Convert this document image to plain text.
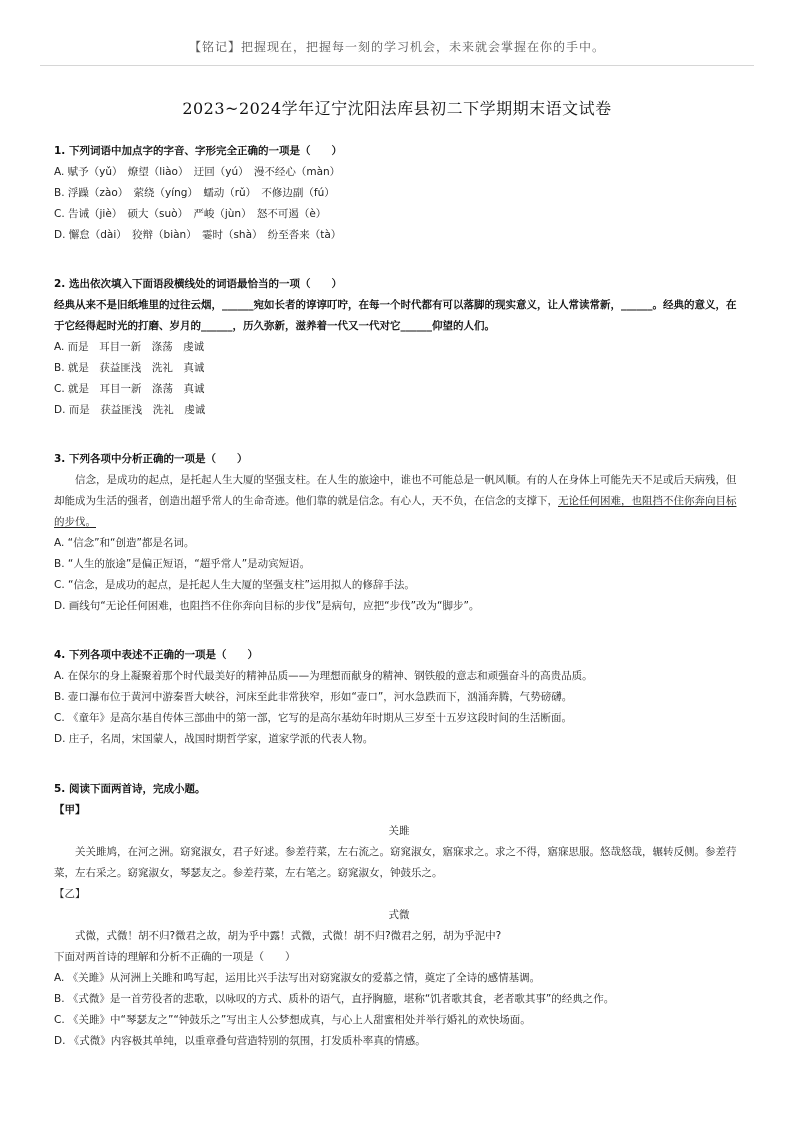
【铭记】把握现在，把握每一刻的学习机会，未来就会掌握在你的手中。
2023~2024学年辽宁沈阳法库县初二下学期期末语文试卷
1. 下列词语中加点字的字音、字形完全正确的一项是（　　）
A. 赋予（yǔ）　燎望（liào）　迂回（yú）　漫不经心（màn）
B. 浮躁（zào）　萦绕（yíng）　蠕动（rǔ）　不修边副（fú）
C. 告诫（jiè）　硕大（suò）　严峻（jùn）　怒不可遏（è）
D. 懈怠（dài）　狡辩（biàn）　霎时（shà）　纷至沓来（tà）
2. 选出依次填入下面语段横线处的词语最恰当的一项（　　）
经典从来不是旧纸堆里的过往云烟，______宛如长者的谆谆叮咛，在每一个时代都有可以落脚的现实意义，让人常读常新，______。经典的意义，在于它经得起时光的打磨、岁月的______，历久弥新，滋养着一代又一代对它______仰望的人们。
A. 而是　耳目一新　涤荡　虔诚
B. 就是　获益匪浅　洗礼　真诚
C. 就是　耳目一新　涤荡　真诚
D. 而是　获益匪浅　洗礼　虔诚
3. 下列各项中分析正确的一项是（　　）
信念，是成功的起点，是托起人生大厦的坚强支柱。在人生的旅途中，谁也不可能总是一帆风顺。有的人在身体上可能先天不足或后天病残，但却能成为生活的强者，创造出超乎常人的生命奇迹。他们靠的就是信念。有心人，天不负，在信念的支撑下，无论任何困难，也阻挡不住你奔向目标的步伐。
A. “信念”和“创造”都是名词。
B. “人生的旅途”是偏正短语，“超乎常人”是动宾短语。
C. “信念，是成功的起点，是托起人生大厦的坚强支柱”运用拟人的修辞手法。
D. 画线句“无论任何困难，也阻挡不住你奔向目标的步伐”是病句，应把“步伐”改为“脚步”。
4. 下列各项中表述不正确的一项是（　　）
A. 在保尔的身上凝聚着那个时代最美好的精神品质——为理想而献身的精神、钢铁般的意志和顽强奋斗的高贵品质。
B. 壶口瀑布位于黄河中游秦晋大峡谷，河床至此非常狭窄，形如“壶口”，河水急跌而下，汹涌奔腾，气势磅礴。
C. 《童年》是高尔基自传体三部曲中的第一部，它写的是高尔基幼年时期从三岁至十五岁这段时间的生活断面。
D. 庄子，名周，宋国蒙人，战国时期哲学家，道家学派的代表人物。
5. 阅读下面两首诗，完成小题。
【甲】
关雎
关关雎鸠，在河之洲。窈窕淑女，君子好逑。参差荇菜，左右流之。窈窕淑女，寤寐求之。求之不得，寤寐思服。悠哉悠哉，辗转反侧。参差荇菜，左右采之。窈窕淑女，琴瑟友之。参差荇菜，左右笔之。窈窕淑女，钟鼓乐之。
【乙】
式微
式微，式微！胡不归?微君之故，胡为乎中露！式微，式微！胡不归?微君之躬，胡为乎泥中?
下面对两首诗的理解和分析不正确的一项是（　　）
A. 《关雎》从河洲上关雎和鸣写起，运用比兴手法写出对窈窕淑女的爱慕之情，奠定了全诗的感情基调。
B. 《式微》是一首劳役者的悲歌，以咏叹的方式、质朴的语气，直抒胸臆，堪称“饥者歌其食，老者歌其事”的经典之作。
C. 《关雎》中“琴瑟友之”“钟鼓乐之”写出主人公梦想成真，与心上人甜蜜相处并举行婚礼的欢快场面。
D. 《式微》内容极其单纯，以重章叠句营造特别的氛围，打发质朴率真的情感。
